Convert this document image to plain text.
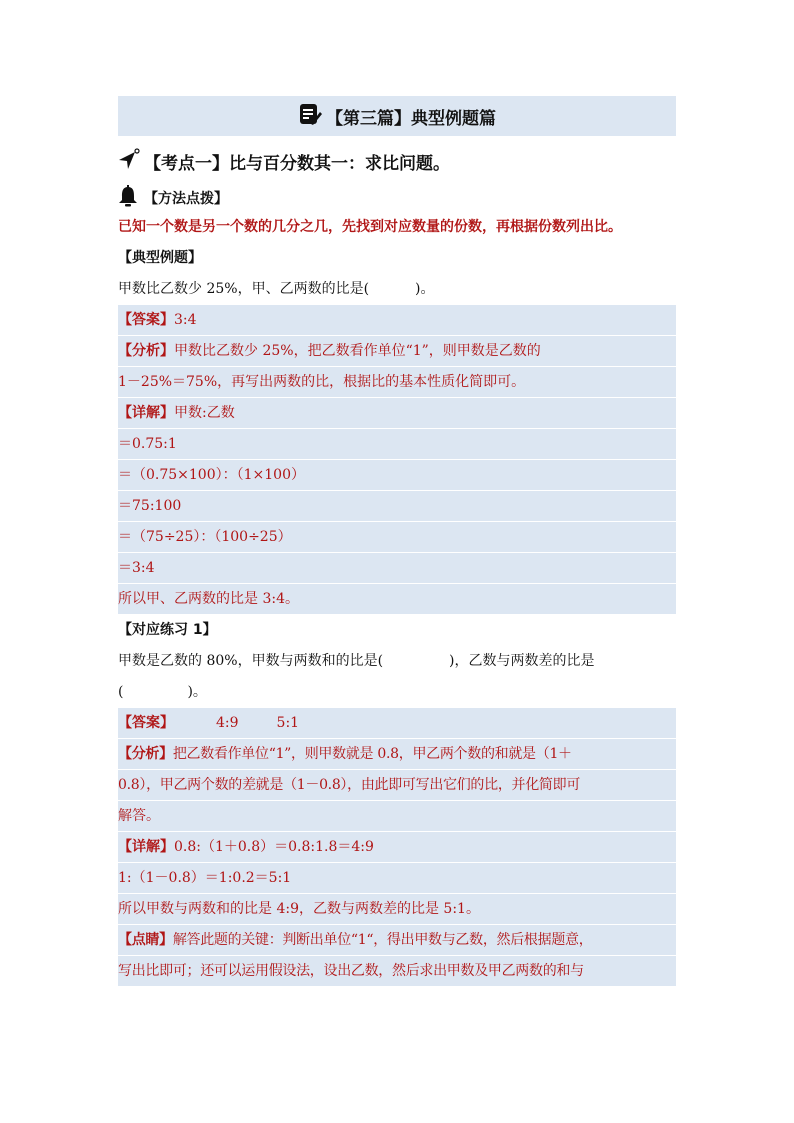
【第三篇】典型例题篇
【考点一】比与百分数其一：求比问题。
【方法点拨】
已知一个数是另一个数的几分之几，先找到对应数量的份数，再根据份数列出比。
【典型例题】
甲数比乙数少 25%，甲、乙两数的比是(	)。
【答案】3:4
【分析】甲数比乙数少 25%，把乙数看作单位“1”，则甲数是乙数的
1－25%＝75%，再写出两数的比，根据比的基本性质化简即可。
【详解】甲数:乙数
＝0.75:1
＝（0.75×100）：（1×100）
＝75:100
＝（75÷25）：（100÷25）
＝3:4
所以甲、乙两数的比是 3:4。
【对应练习 1】
甲数是乙数的 80%，甲数与两数和的比是(	)，乙数与两数差的比是
(	)。
【答案】	4:9	5:1
【分析】把乙数看作单位“1”，则甲数就是 0.8，甲乙两个数的和就是（1＋
0.8），甲乙两个数的差就是（1－0.8），由此即可写出它们的比，并化简即可
解答。
【详解】0.8:（1＋0.8）＝0.8:1.8＝4:9
1:（1－0.8）＝1:0.2＝5:1
所以甲数与两数和的比是 4:9，乙数与两数差的比是 5:1。
【点睛】解答此题的关键：判断出单位“1“，得出甲数与乙数，然后根据题意，
写出比即可；还可以运用假设法，设出乙数，然后求出甲数及甲乙两数的和与
